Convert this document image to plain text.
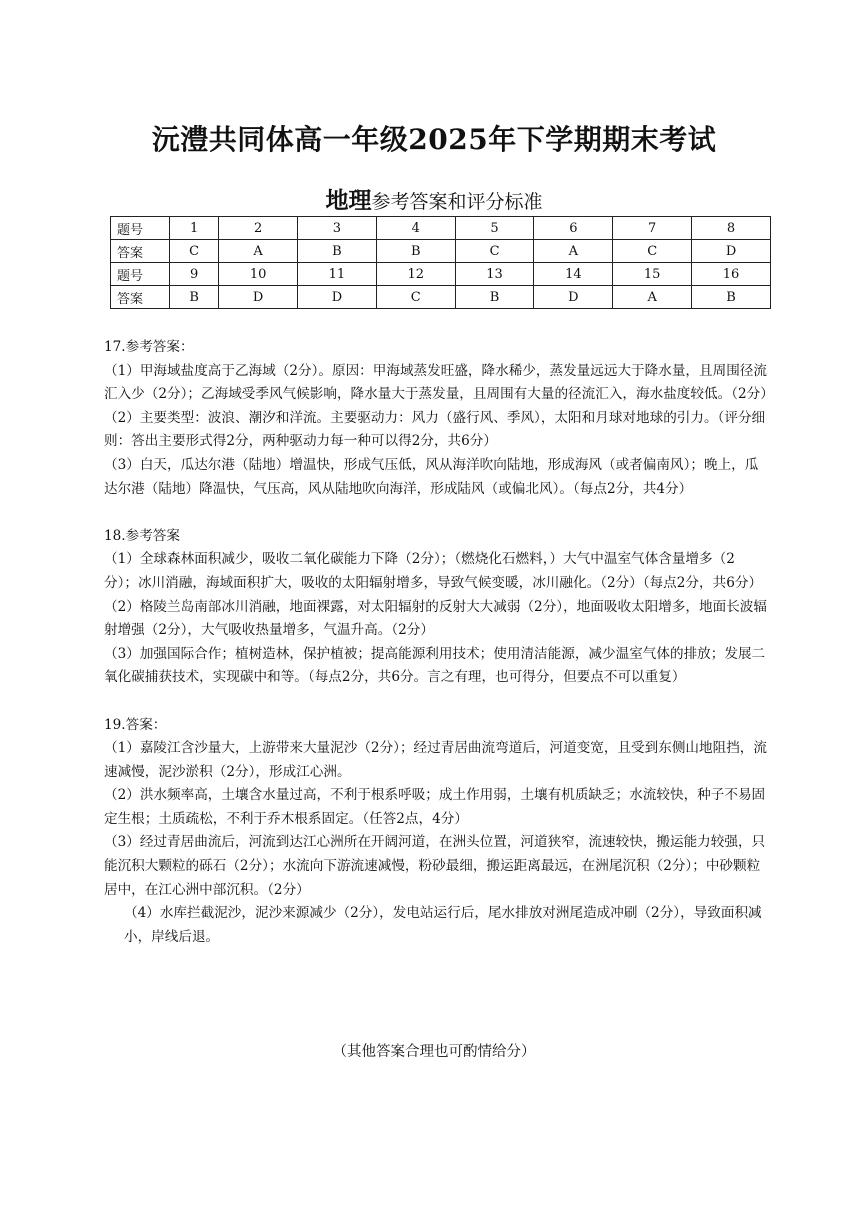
沅澧共同体高一年级2025年下学期期末考试
地理参考答案和评分标准
题号	1	2	3	4	5	6	7	8
答案	C	A	B	B	C	A	C	D
题号	9	10	11	12	13	14	15	16
答案	B	D	D	C	B	D	A	B

17.参考答案：

（1）甲海域盐度高于乙海域（2分）。原因：甲海域蒸发旺盛，降水稀少，蒸发量远远大于降水量，且周围径流汇入少（2分）；乙海域受季风气候影响，降水量大于蒸发量，且周围有大量的径流汇入，海水盐度较低。（2分）

（2）主要类型：波浪、潮汐和洋流。主要驱动力：风力（盛行风、季风），太阳和月球对地球的引力。（评分细则：答出主要形式得2分，两种驱动力每一种可以得2分，共6分）

（3）白天，瓜达尔港（陆地）增温快，形成气压低，风从海洋吹向陆地，形成海风（或者偏南风）；晚上，瓜达尔港（陆地）降温快，气压高，风从陆地吹向海洋，形成陆风（或偏北风）。（每点2分，共4分）

18.参考答案

（1）全球森林面积减少，吸收二氧化碳能力下降（2分）；（燃烧化石燃料，）大气中温室气体含量增多（2分）；冰川消融，海域面积扩大，吸收的太阳辐射增多，导致气候变暖，冰川融化。（2分）（每点2分，共6分）

（2）格陵兰岛南部冰川消融，地面裸露，对太阳辐射的反射大大减弱（2分），地面吸收太阳增多，地面长波辐射增强（2分），大气吸收热量增多，气温升高。（2分）

（3）加强国际合作；植树造林，保护植被；提高能源利用技术；使用清洁能源，减少温室气体的排放；发展二氧化碳捕获技术，实现碳中和等。（每点2分，共6分。言之有理，也可得分，但要点不可以重复）

19.答案：

（1）嘉陵江含沙量大，上游带来大量泥沙（2分）；经过青居曲流弯道后，河道变宽，且受到东侧山地阻挡，流速减慢，泥沙淤积（2分），形成江心洲。

（2）洪水频率高，土壤含水量过高，不利于根系呼吸；成土作用弱，土壤有机质缺乏；水流较快，种子不易固定生根；土质疏松，不利于乔木根系固定。（任答2点，4分）

（3）经过青居曲流后，河流到达江心洲所在开阔河道，在洲头位置，河道狭窄，流速较快，搬运能力较强，只能沉积大颗粒的砾石（2分）；水流向下游流速减慢，粉砂最细，搬运距离最远，在洲尾沉积（2分）；中砂颗粒居中，在江心洲中部沉积。（2分）

（4）水库拦截泥沙，泥沙来源减少（2分），发电站运行后，尾水排放对洲尾造成冲刷（2分），导致面积减小，岸线后退。

（其他答案合理也可酌情给分）
